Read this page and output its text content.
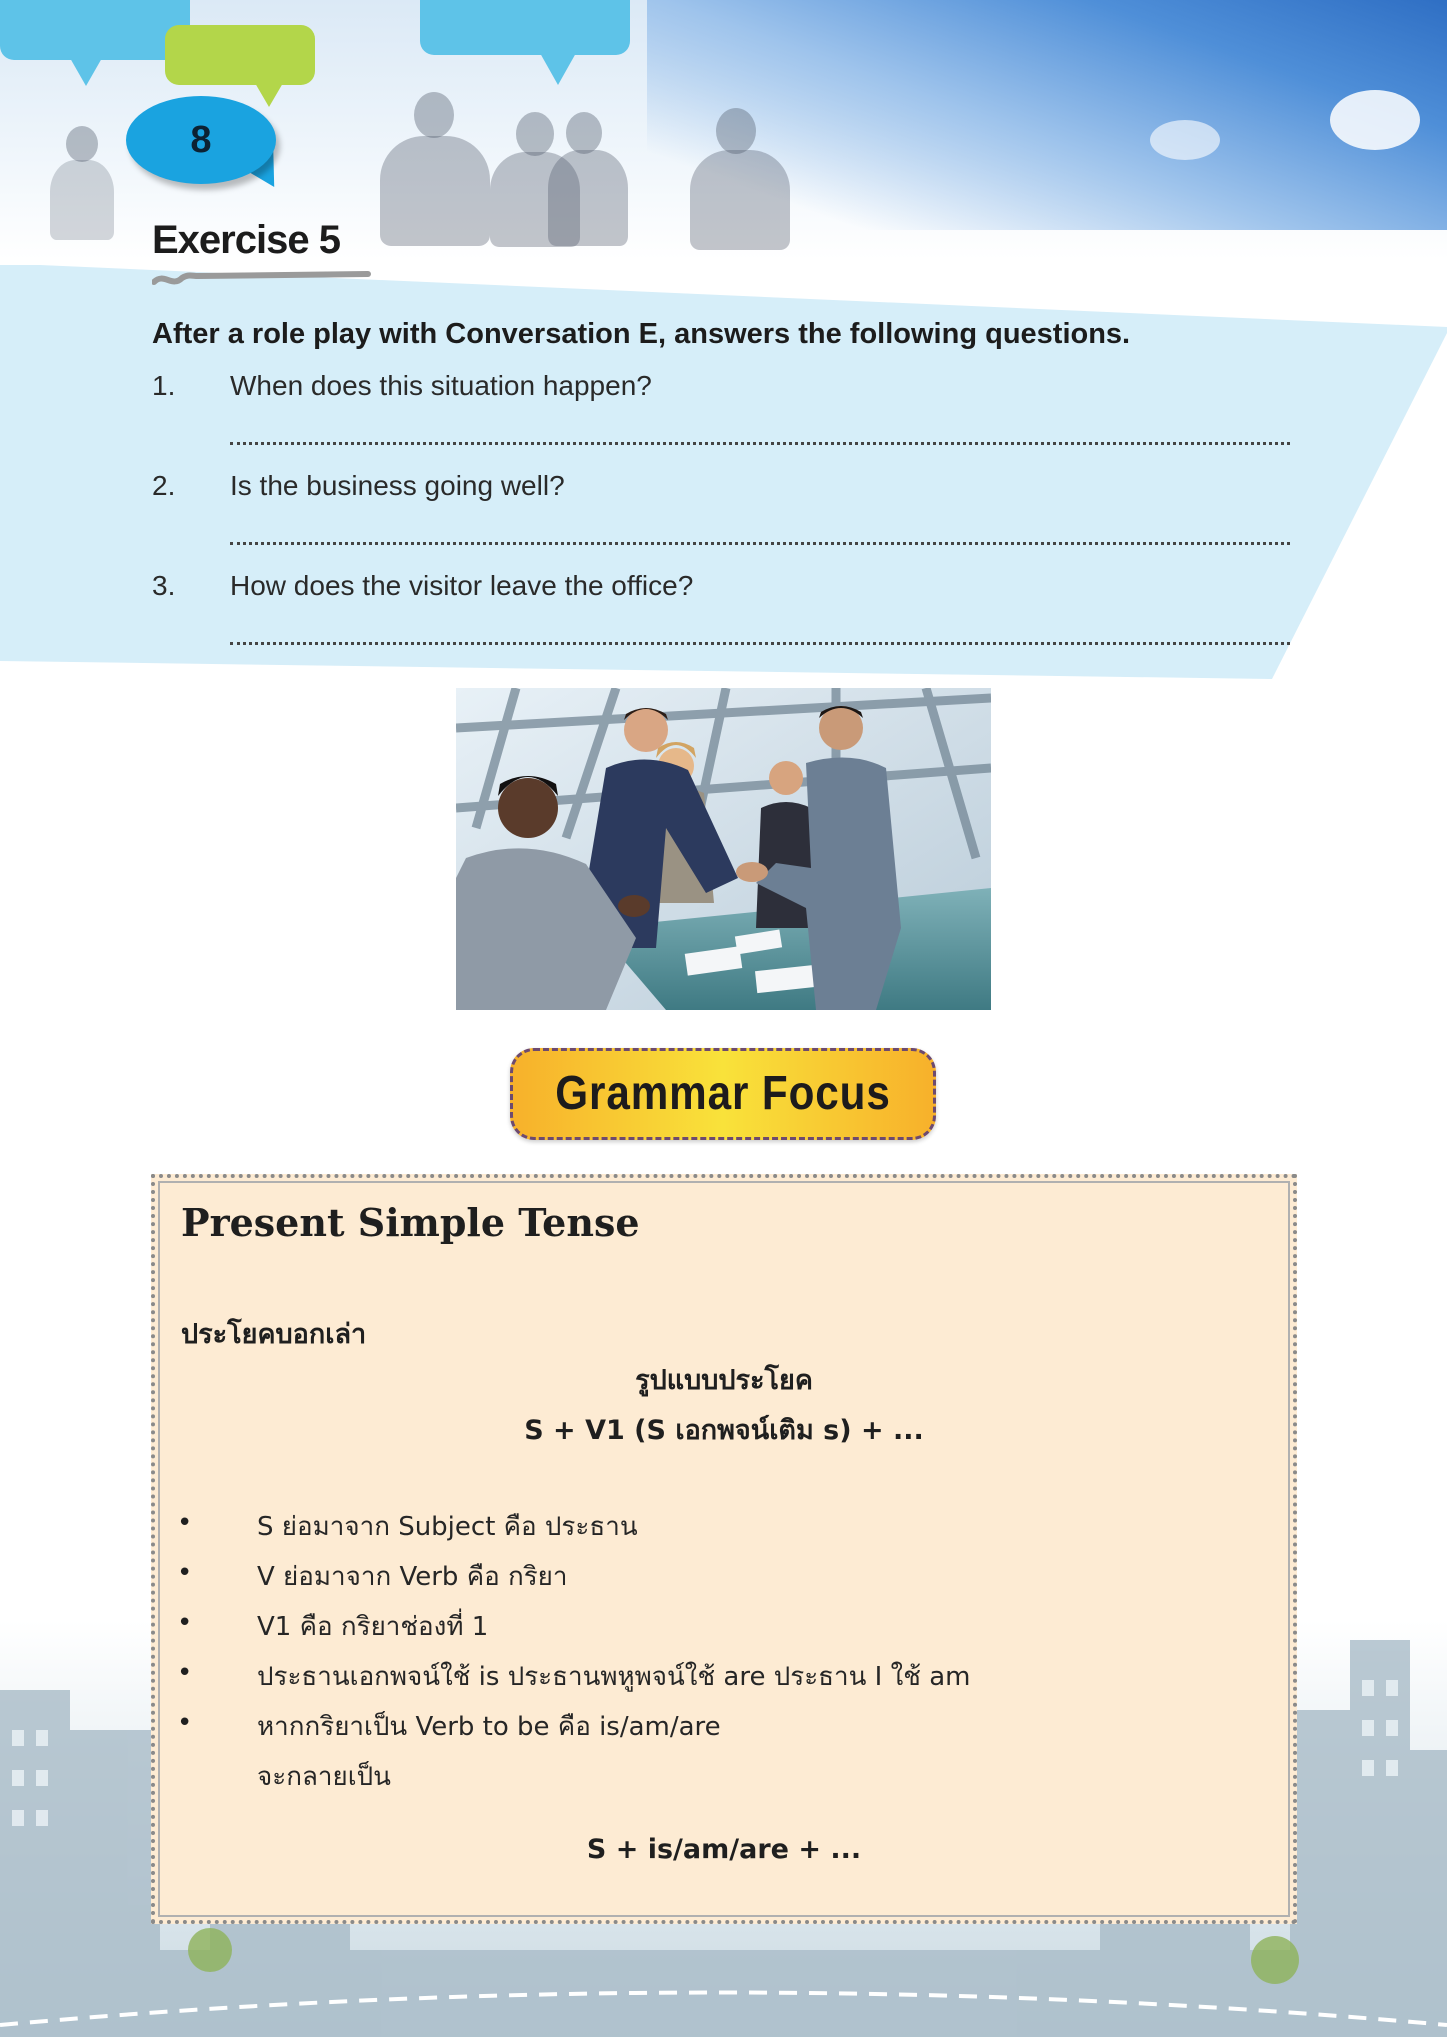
8
Exercise 5
After a role play with Conversation E, answers the following questions.
1. When does this situation happen?
2. Is the business going well?
3. How does the visitor leave the office?
Grammar Focus
Present Simple Tense
ประโยคบอกเล่า
รูปแบบประโยค
S + V1 (S เอกพจน์เติม s) + ...
• S ย่อมาจาก Subject คือ ประธาน
• V ย่อมาจาก Verb คือ กริยา
• V1 คือ กริยาช่องที่ 1
• ประธานเอกพจน์ใช้ is ประธานพหูพจน์ใช้ are ประธาน I ใช้ am
• หากกริยาเป็น Verb to be คือ is/am/are
จะกลายเป็น
S + is/am/are + ...
